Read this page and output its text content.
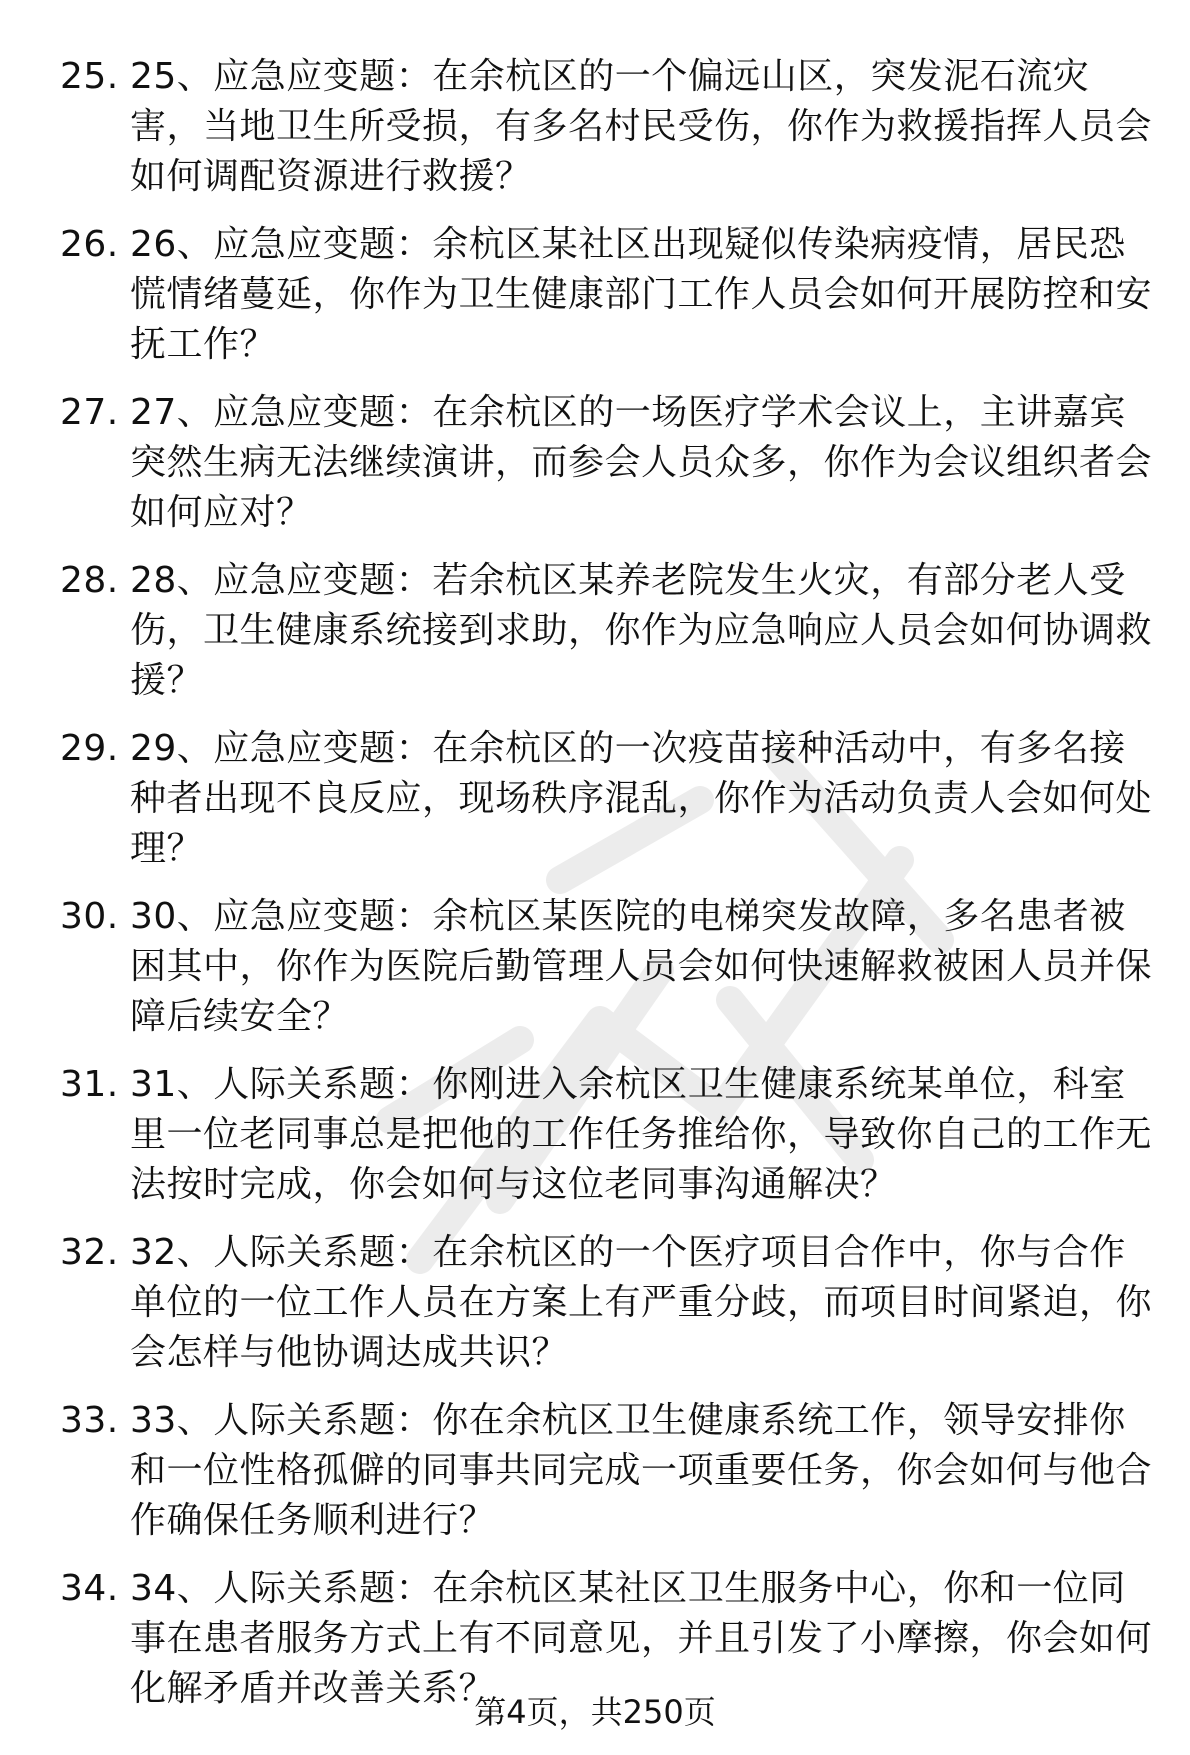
25. 25、应急应变题：在余杭区的一个偏远山区，突发泥石流灾害，当地卫生所受损，有多名村民受伤，你作为救援指挥人员会如何调配资源进行救援？
26. 26、应急应变题：余杭区某社区出现疑似传染病疫情，居民恐慌情绪蔓延，你作为卫生健康部门工作人员会如何开展防控和安抚工作？
27. 27、应急应变题：在余杭区的一场医疗学术会议上，主讲嘉宾突然生病无法继续演讲，而参会人员众多，你作为会议组织者会如何应对？
28. 28、应急应变题：若余杭区某养老院发生火灾，有部分老人受伤，卫生健康系统接到求助，你作为应急响应人员会如何协调救援？
29. 29、应急应变题：在余杭区的一次疫苗接种活动中，有多名接种者出现不良反应，现场秩序混乱，你作为活动负责人会如何处理？
30. 30、应急应变题：余杭区某医院的电梯突发故障，多名患者被困其中，你作为医院后勤管理人员会如何快速解救被困人员并保障后续安全？
31. 31、人际关系题：你刚进入余杭区卫生健康系统某单位，科室里一位老同事总是把他的工作任务推给你，导致你自己的工作无法按时完成，你会如何与这位老同事沟通解决？
32. 32、人际关系题：在余杭区的一个医疗项目合作中，你与合作单位的一位工作人员在方案上有严重分歧，而项目时间紧迫，你会怎样与他协调达成共识？
33. 33、人际关系题：你在余杭区卫生健康系统工作，领导安排你和一位性格孤僻的同事共同完成一项重要任务，你会如何与他合作确保任务顺利进行？
34. 34、人际关系题：在余杭区某社区卫生服务中心，你和一位同事在患者服务方式上有不同意见，并且引发了小摩擦，你会如何化解矛盾并改善关系？
第4页，共250页
